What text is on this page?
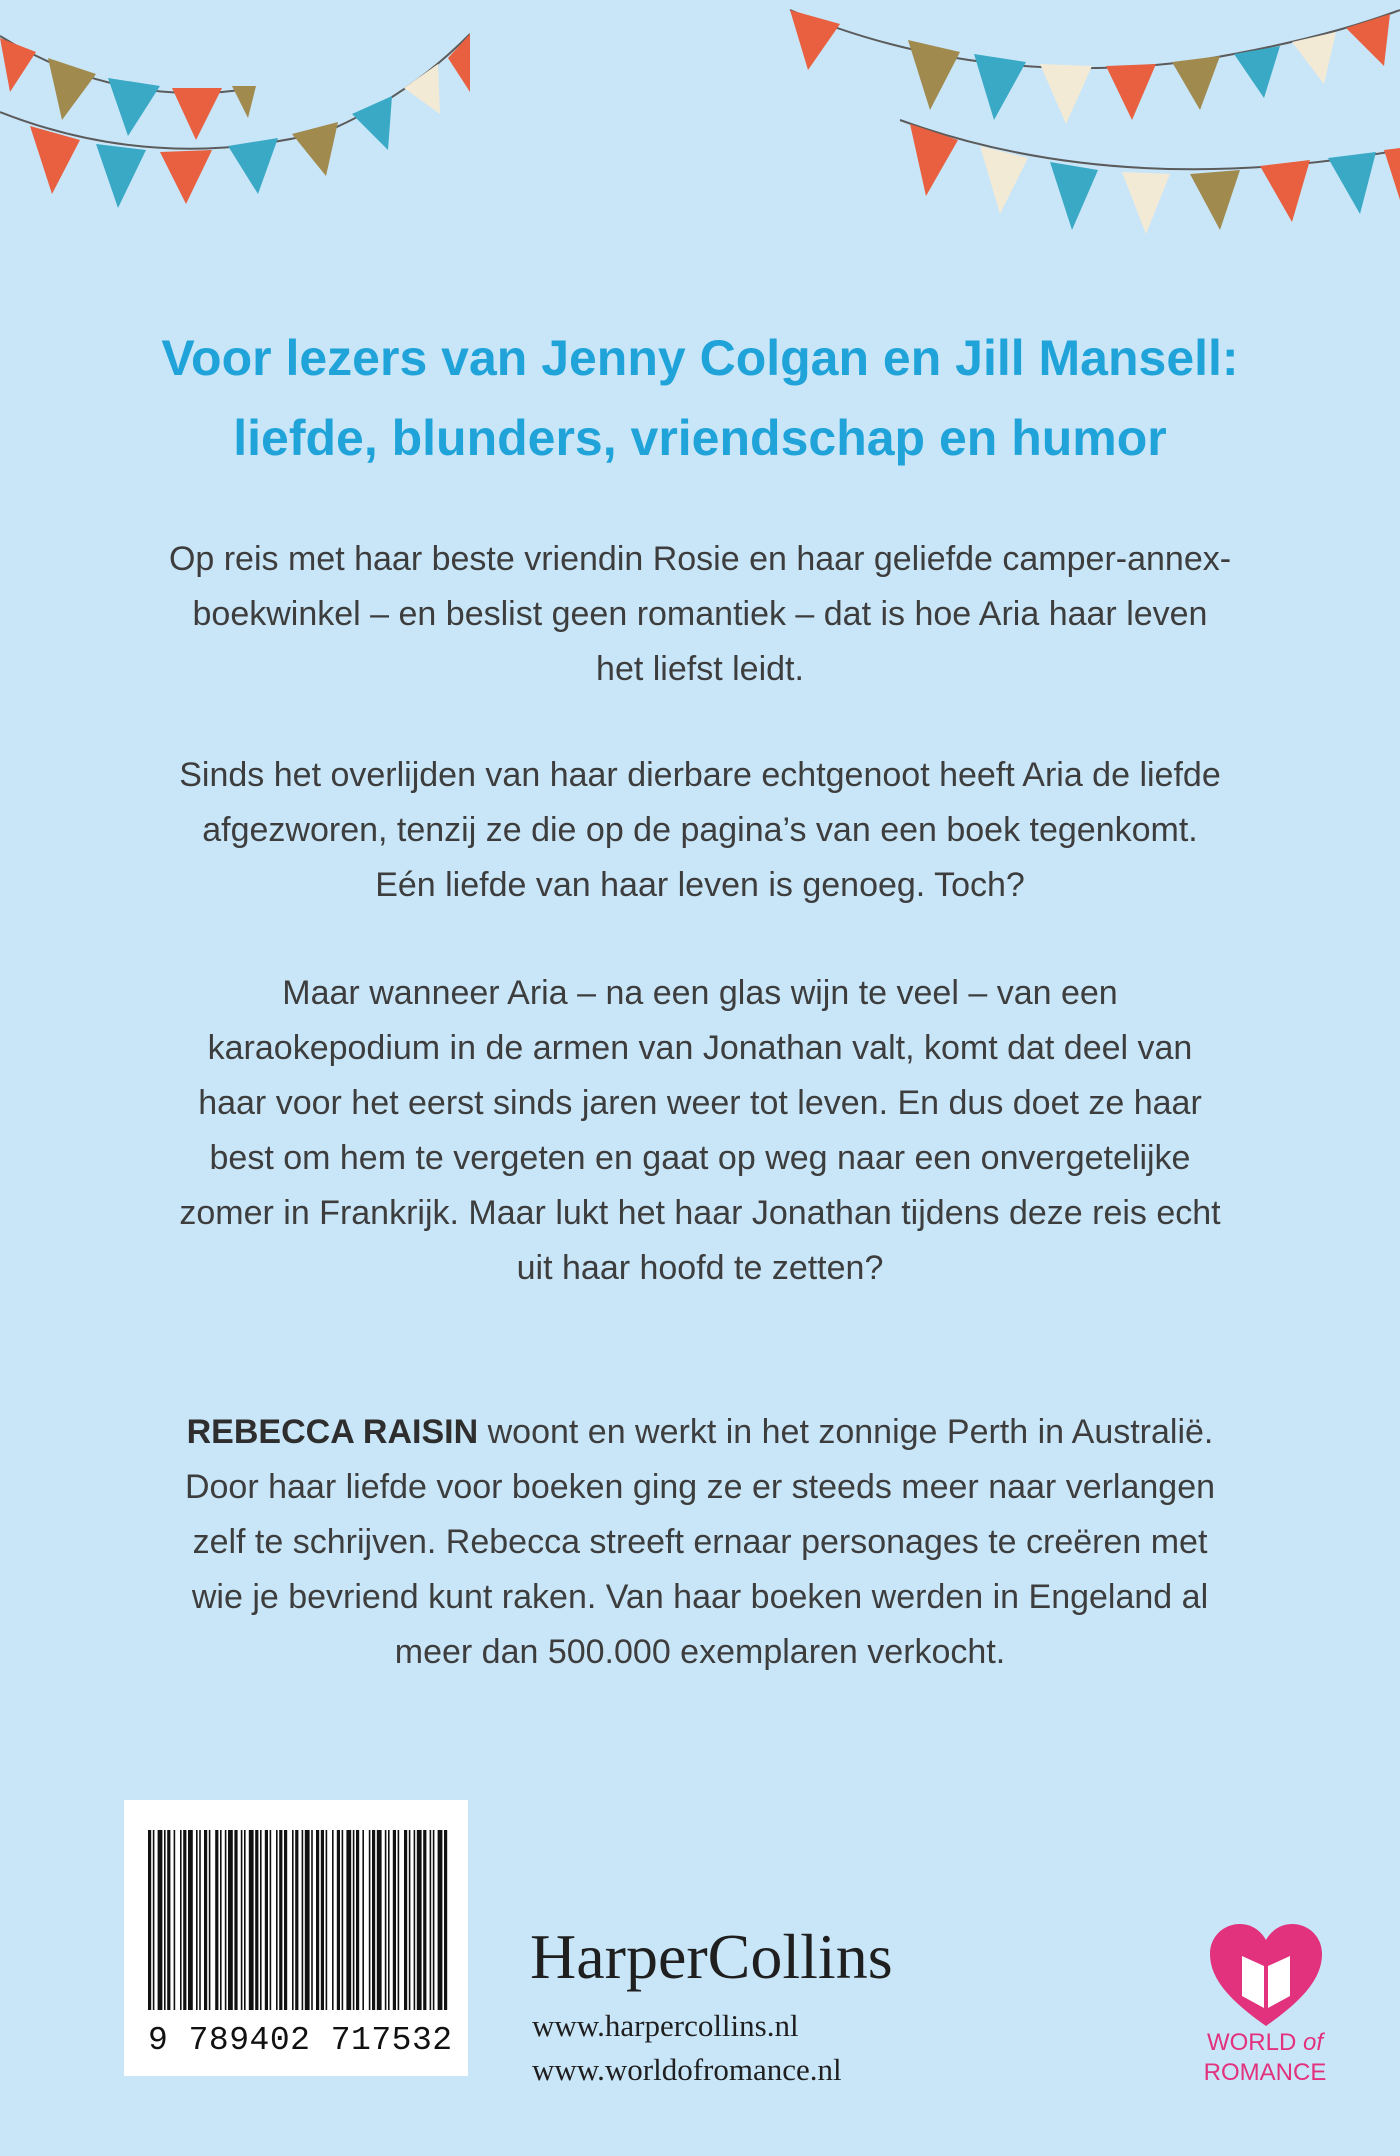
Voor lezers van Jenny Colgan en Jill Mansell:
liefde, blunders, vriendschap en humor

Op reis met haar beste vriendin Rosie en haar geliefde camper-annex-
boekwinkel – en beslist geen romantiek – dat is hoe Aria haar leven
het liefst leidt.

Sinds het overlijden van haar dierbare echtgenoot heeft Aria de liefde
afgezworen, tenzij ze die op de pagina’s van een boek tegenkomt.
Eén liefde van haar leven is genoeg. Toch?

Maar wanneer Aria – na een glas wijn te veel – van een
karaokepodium in de armen van Jonathan valt, komt dat deel van
haar voor het eerst sinds jaren weer tot leven. En dus doet ze haar
best om hem te vergeten en gaat op weg naar een onvergetelijke
zomer in Frankrijk. Maar lukt het haar Jonathan tijdens deze reis echt
uit haar hoofd te zetten?

REBECCA RAISIN woont en werkt in het zonnige Perth in Australië.
Door haar liefde voor boeken ging ze er steeds meer naar verlangen
zelf te schrijven. Rebecca streeft ernaar personages te creëren met
wie je bevriend kunt raken. Van haar boeken werden in Engeland al
meer dan 500.000 exemplaren verkocht.

9 789402 717532
HarperCollins
www.harpercollins.nl
www.worldofromance.nl
WORLD of
ROMANCE
